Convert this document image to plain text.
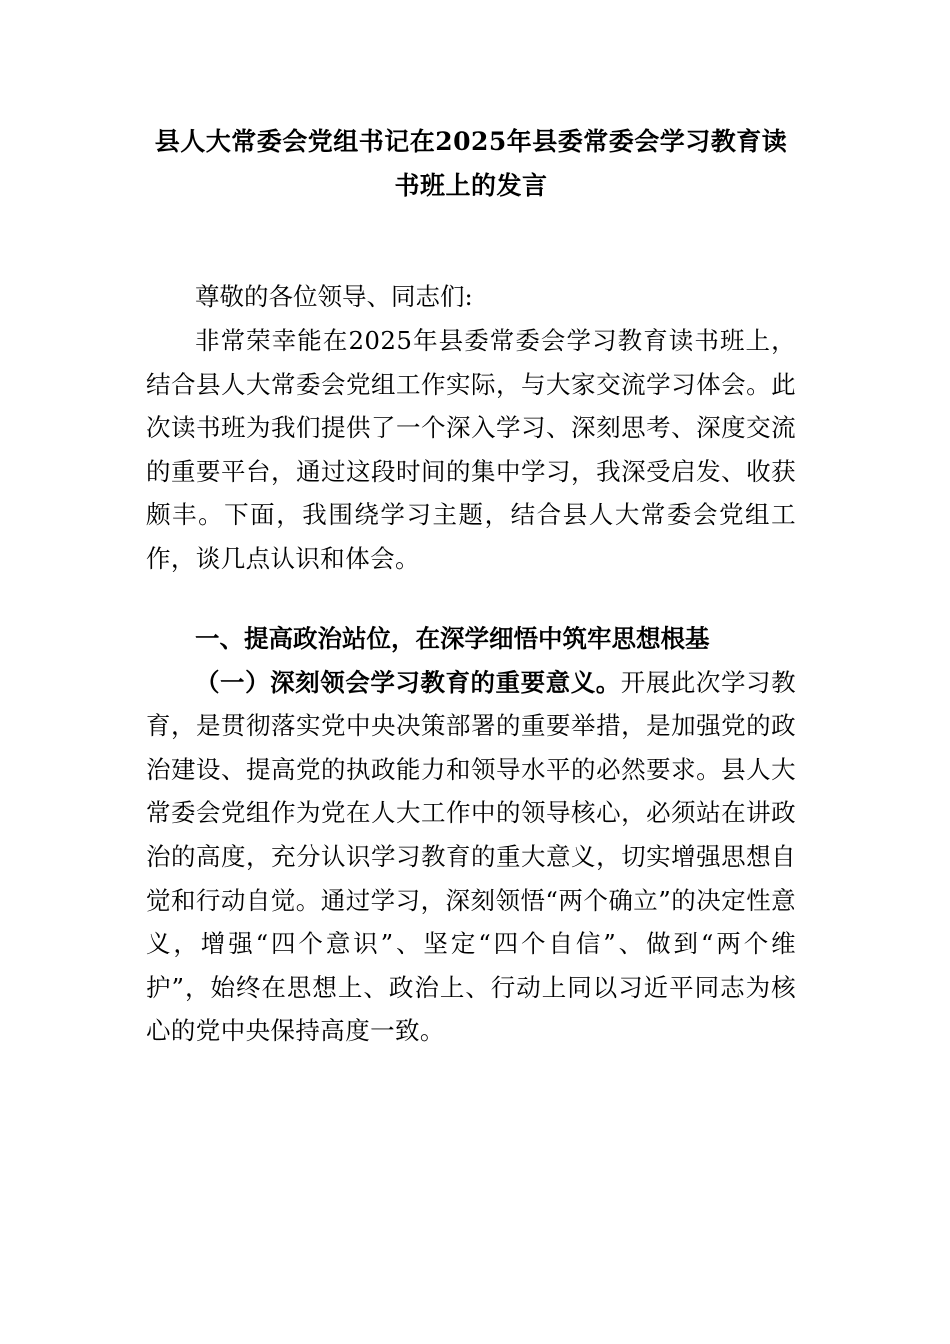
县人大常委会党组书记在2025年县委常委会学习教育读书班上的发言

尊敬的各位领导、同志们:

非常荣幸能在2025年县委常委会学习教育读书班上，结合县人大常委会党组工作实际，与大家交流学习体会。此次读书班为我们提供了一个深入学习、深刻思考、深度交流的重要平台，通过这段时间的集中学习，我深受启发、收获颇丰。下面，我围绕学习主题，结合县人大常委会党组工作，谈几点认识和体会。

一、提高政治站位，在深学细悟中筑牢思想根基

（一）深刻领会学习教育的重要意义。开展此次学习教育，是贯彻落实党中央决策部署的重要举措，是加强党的政治建设、提高党的执政能力和领导水平的必然要求。县人大常委会党组作为党在人大工作中的领导核心，必须站在讲政治的高度，充分认识学习教育的重大意义，切实增强思想自觉和行动自觉。通过学习，深刻领悟“两个确立”的决定性意义，增强“四个意识”、坚定“四个自信”、做到“两个维护”，始终在思想上、政治上、行动上同以习近平同志为核心的党中央保持高度一致。
